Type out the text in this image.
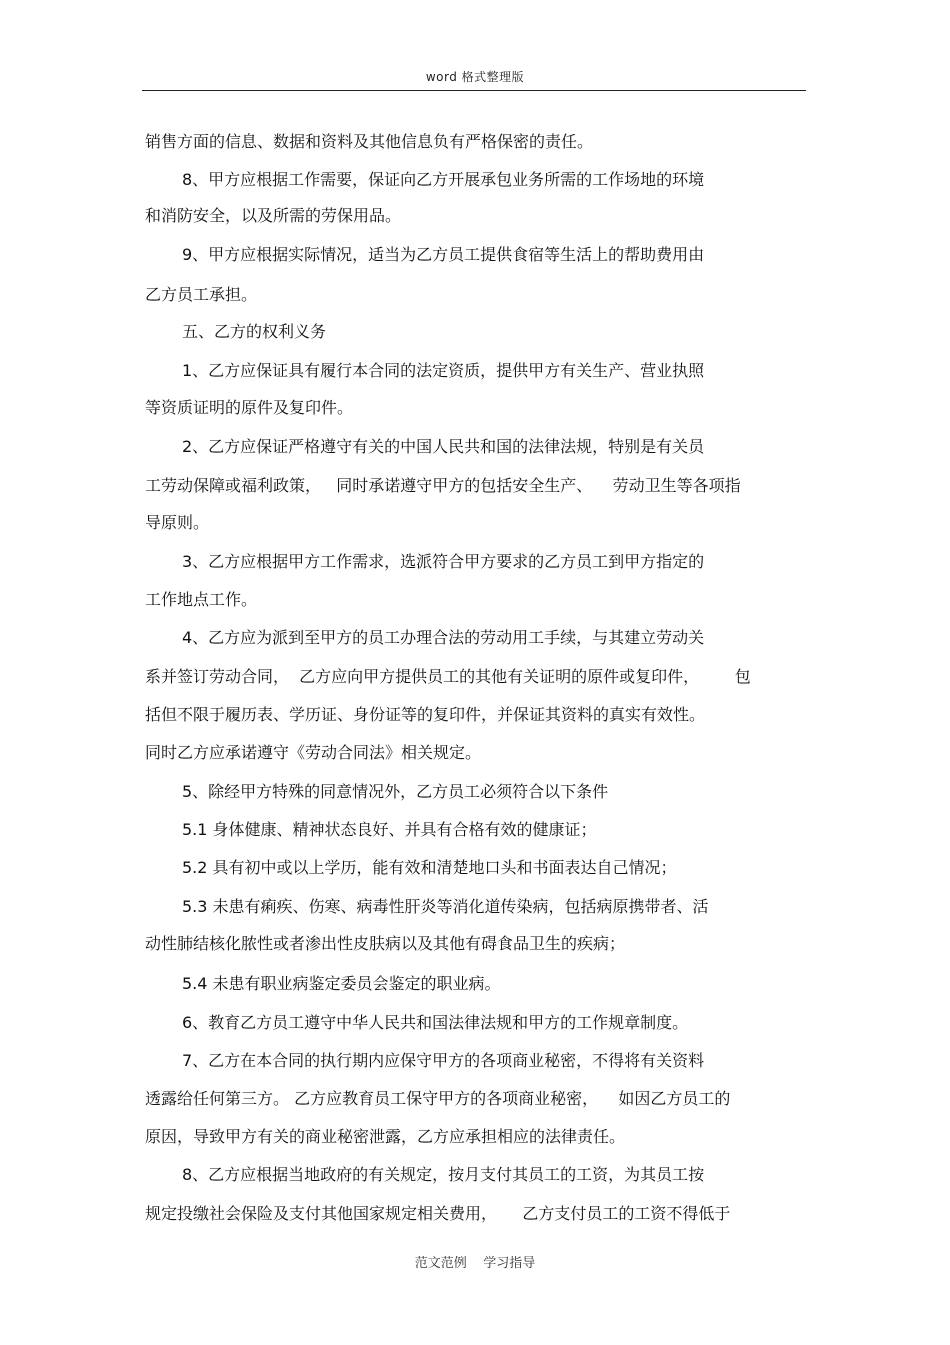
word 格式整理版
销售方面的信息、数据和资料及其他信息负有严格保密的责任。
8、甲方应根据工作需要，保证向乙方开展承包业务所需的工作场地的环境
和消防安全，以及所需的劳保用品。
9、甲方应根据实际情况，适当为乙方员工提供食宿等生活上的帮助费用由
乙方员工承担。
五、乙方的权利义务
1、乙方应保证具有履行本合同的法定资质，提供甲方有关生产、营业执照
等资质证明的原件及复印件。
2、乙方应保证严格遵守有关的中国人民共和国的法律法规，特别是有关员
工劳动保障或福利政策，   同时承诺遵守甲方的包括安全生产、    劳动卫生等各项指
导原则。
3、乙方应根据甲方工作需求，选派符合甲方要求的乙方员工到甲方指定的
工作地点工作。
4、乙方应为派到至甲方的员工办理合法的劳动用工手续，与其建立劳动关
系并签订劳动合同，  乙方应向甲方提供员工的其他有关证明的原件或复印件，       包
括但不限于履历表、学历证、身份证等的复印件，并保证其资料的真实有效性。
同时乙方应承诺遵守《劳动合同法》相关规定。
5、除经甲方特殊的同意情况外，乙方员工必须符合以下条件
5.1 身体健康、精神状态良好、并具有合格有效的健康证；
5.2 具有初中或以上学历，能有效和清楚地口头和书面表达自己情况；
5.3 未患有痢疾、伤寒、病毒性肝炎等消化道传染病，包括病原携带者、活
动性肺结核化脓性或者渗出性皮肤病以及其他有碍食品卫生的疾病；
5.4 未患有职业病鉴定委员会鉴定的职业病。
6、教育乙方员工遵守中华人民共和国法律法规和甲方的工作规章制度。
7、乙方在本合同的执行期内应保守甲方的各项商业秘密，不得将有关资料
透露给任何第三方。 乙方应教育员工保守甲方的各项商业秘密，    如因乙方员工的
原因，导致甲方有关的商业秘密泄露，乙方应承担相应的法律责任。
8、乙方应根据当地政府的有关规定，按月支付其员工的工资，为其员工按
规定投缴社会保险及支付其他国家规定相关费用，     乙方支付员工的工资不得低于
范文范例    学习指导
